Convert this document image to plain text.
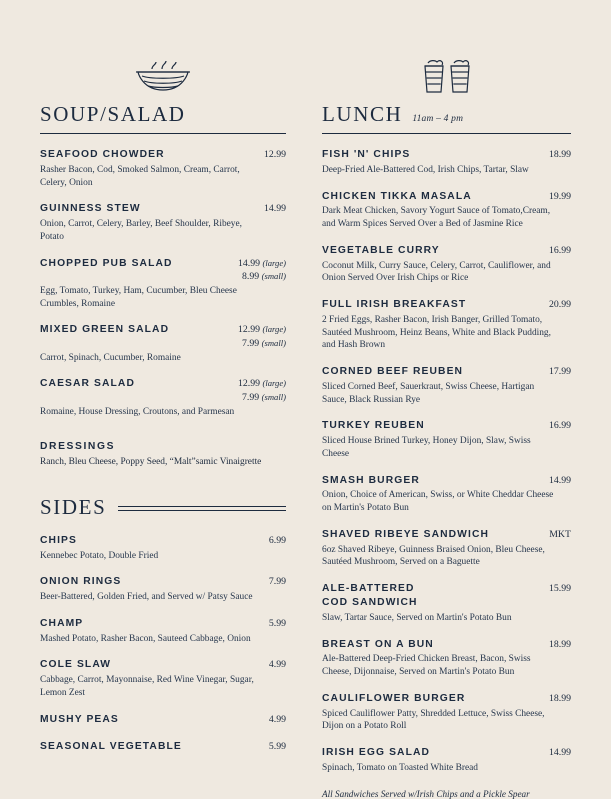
SOUP/SALAD
SEAFOOD CHOWDER	12.99
Rasher Bacon, Cod, Smoked Salmon, Cream, Carrot, Celery, Onion
GUINNESS STEW	14.99
Onion, Carrot, Celery, Barley, Beef Shoulder, Ribeye, Potato
CHOPPED PUB SALAD	14.99 (large)
8.99 (small)
Egg, Tomato, Turkey, Ham, Cucumber, Bleu Cheese Crumbles, Romaine
MIXED GREEN SALAD	12.99 (large)
7.99 (small)
Carrot, Spinach, Cucumber, Romaine
CAESAR SALAD	12.99 (large)
7.99 (small)
Romaine, House Dressing, Croutons, and Parmesan
DRESSINGS
Ranch, Bleu Cheese, Poppy Seed, “Malt”samic Vinaigrette
SIDES
CHIPS	6.99
Kennebec Potato, Double Fried
ONION RINGS	7.99
Beer-Battered, Golden Fried, and Served w/ Patsy Sauce
CHAMP	5.99
Mashed Potato, Rasher Bacon, Sauteed Cabbage, Onion
COLE SLAW	4.99
Cabbage, Carrot, Mayonnaise, Red Wine Vinegar, Sugar, Lemon Zest
MUSHY PEAS	4.99
SEASONAL VEGETABLE	5.99
LUNCH 11am – 4 pm
FISH 'N' CHIPS	18.99
Deep-Fried Ale-Battered Cod, Irish Chips, Tartar, Slaw
CHICKEN TIKKA MASALA	19.99
Dark Meat Chicken, Savory Yogurt Sauce of Tomato,Cream, and Warm Spices Served Over a Bed of Jasmine Rice
VEGETABLE CURRY	16.99
Coconut Milk, Curry Sauce, Celery, Carrot, Cauliflower, and Onion Served Over Irish Chips or Rice
FULL IRISH BREAKFAST	20.99
2 Fried Eggs, Rasher Bacon, Irish Banger, Grilled Tomato, Sautéed Mushroom, Heinz Beans, White and Black Pudding, and Hash Brown
CORNED BEEF REUBEN	17.99
Sliced Corned Beef, Sauerkraut, Swiss Cheese, Hartigan Sauce, Black Russian Rye
TURKEY REUBEN	16.99
Sliced House Brined Turkey, Honey Dijon, Slaw, Swiss Cheese
SMASH BURGER	14.99
Onion, Choice of American, Swiss, or White Cheddar Cheese on Martin's Potato Bun
SHAVED RIBEYE SANDWICH	MKT
6oz Shaved Ribeye, Guinness Braised Onion, Bleu Cheese, Sautéed Mushroom, Served on a Baguette
ALE-BATTERED
COD SANDWICH
15.99
Slaw, Tartar Sauce, Served on Martin's Potato Bun
BREAST ON A BUN	18.99
Ale-Battered Deep-Fried Chicken Breast, Bacon, Swiss Cheese, Dijonnaise, Served on Martin's Potato Bun
CAULIFLOWER BURGER	18.99
Spiced Cauliflower Patty, Shredded Lettuce, Swiss Cheese, Dijon on a Potato Roll
IRISH EGG SALAD	14.99
Spinach, Tomato on Toasted White Bread
All Sandwiches Served w/Irish Chips and a Pickle Spear
